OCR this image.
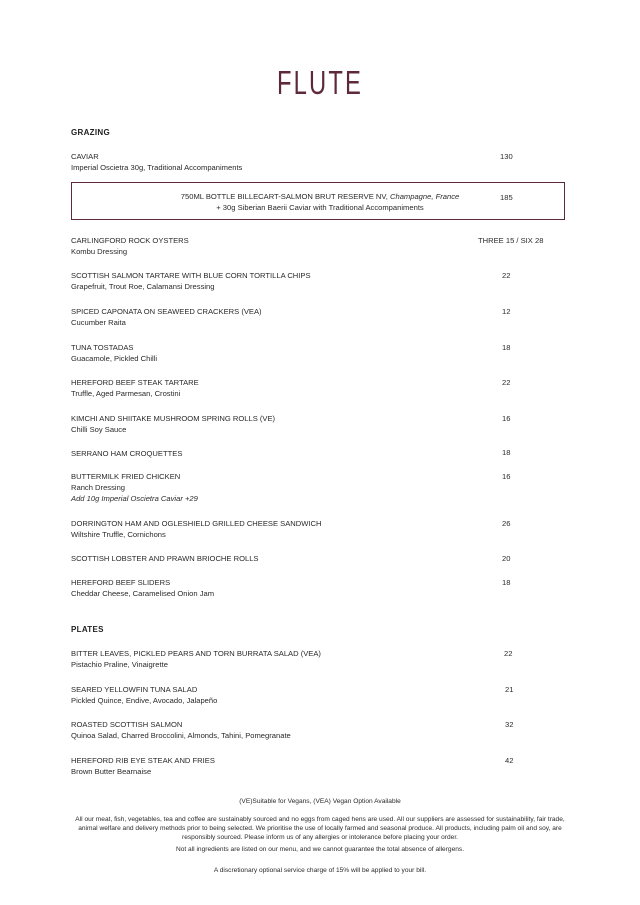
FLUTE
GRAZING
CAVIAR
Imperial Oscietra 30g, Traditional Accompaniments
130
750ML BOTTLE BILLECART-SALMON BRUT RESERVE NV, Champagne, France
+ 30g Siberian Baerii Caviar with Traditional Accompaniments
185
CARLINGFORD ROCK OYSTERS
Kombu Dressing
THREE 15 / SIX 28
SCOTTISH SALMON TARTARE WITH BLUE CORN TORTILLA CHIPS
Grapefruit, Trout Roe, Calamansi Dressing
22
SPICED CAPONATA ON SEAWEED CRACKERS (VEA)
Cucumber Raita
12
TUNA TOSTADAS
Guacamole, Pickled Chilli
18
HEREFORD BEEF STEAK TARTARE
Truffle, Aged Parmesan, Crostini
22
KIMCHI AND SHIITAKE MUSHROOM SPRING ROLLS (VE)
Chilli Soy Sauce
16
SERRANO HAM CROQUETTES	18
BUTTERMILK FRIED CHICKEN
Ranch Dressing
Add 10g Imperial Oscietra Caviar +29
16
DORRINGTON HAM AND OGLESHIELD GRILLED CHEESE SANDWICH
Wiltshire Truffle, Cornichons
26
SCOTTISH LOBSTER AND PRAWN BRIOCHE ROLLS	20
HEREFORD BEEF SLIDERS
Cheddar Cheese, Caramelised Onion Jam
18
PLATES
BITTER LEAVES, PICKLED PEARS AND TORN BURRATA SALAD (VEA)
Pistachio Praline, Vinaigrette
22
SEARED YELLOWFIN TUNA SALAD
Pickled Quince, Endive, Avocado, Jalapeño
21
ROASTED SCOTTISH SALMON
Quinoa Salad, Charred Broccolini, Almonds, Tahini, Pomegranate
32
HEREFORD RIB EYE STEAK AND FRIES
Brown Butter Bearnaise
42
(VE)Suitable for Vegans, (VEA) Vegan Option Available
All our meat, fish, vegetables, tea and coffee are sustainably sourced and no eggs from caged hens are used. All our suppliers are assessed for sustainability, fair trade, animal welfare and delivery methods prior to being selected. We prioritise the use of locally farmed and seasonal produce. All products, including palm oil and soy, are responsibly sourced. Please inform us of any allergies or intolerance before placing your order.
Not all ingredients are listed on our menu, and we cannot guarantee the total absence of allergens.
A discretionary optional service charge of 15% will be applied to your bill.
